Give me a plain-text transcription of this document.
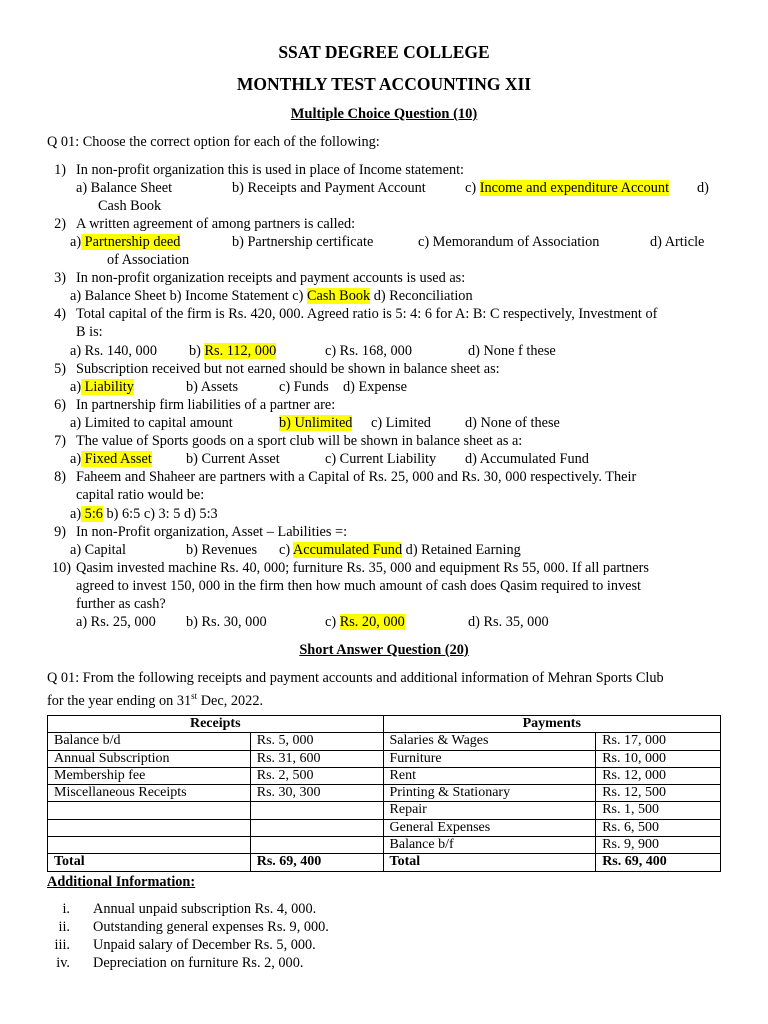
SSAT DEGREE COLLEGE
MONTHLY TEST ACCOUNTING XII
Multiple Choice Question (10)
Q 01: Choose the correct option for each of the following:
1) In non-profit organization this is used in place of Income statement:
a) Balance Sheet	b) Receipts and Payment Account	c) Income and expenditure Account d)
Cash Book
2) A written agreement of among partners is called:
a) Partnership deed	b) Partnership certificate	c) Memorandum of Association	d) Article
of Association
3) In non-profit organization receipts and payment accounts is used as:
a) Balance Sheet b) Income Statement c) Cash Book d) Reconciliation
4) Total capital of the firm is Rs. 420, 000. Agreed ratio is 5: 4: 6 for A: B: C respectively, Investment of
B is:
a) Rs. 140, 000 b) Rs. 112, 000	c) Rs. 168, 000	d) None f these
5) Subscription received but not earned should be shown in balance sheet as:
a) Liability	b) Assets	c) Funds d) Expense
6) In partnership firm liabilities of a partner are:
a) Limited to capital amount	b) Unlimited c) Limited d) None of these
7) The value of Sports goods on a sport club will be shown in balance sheet as a:
a) Fixed Asset b) Current Asset	c) Current Liability d) Accumulated Fund
8) Faheem and Shaheer are partners with a Capital of Rs. 25, 000 and Rs. 30, 000 respectively. Their
capital ratio would be:
a) 5:6 b) 6:5 c) 3: 5 d) 5:3
9) In non-Profit organization, Asset – Labilities =:
a) Capital	b) Revenues c) Accumulated Fund d) Retained Earning
10) Qasim invested machine Rs. 40, 000; furniture Rs. 35, 000 and equipment Rs 55, 000. If all partners
agreed to invest 150, 000 in the firm then how much amount of cash does Qasim required to invest
further as cash?
a) Rs. 25, 000 b) Rs. 30, 000	c) Rs. 20, 000	d) Rs. 35, 000
Short Answer Question (20)
Q 01: From the following receipts and payment accounts and additional information of Mehran Sports Club
for the year ending on 31st Dec, 2022.
Receipts		Payments	
Balance b/d	Rs. 5, 000	Salaries & Wages	Rs. 17, 000
Annual Subscription	Rs. 31, 600	Furniture	Rs. 10, 000
Membership fee	Rs. 2, 500	Rent	Rs. 12, 000
Miscellaneous Receipts	Rs. 30, 300	Printing & Stationary	Rs. 12, 500
		Repair	Rs. 1, 500
		General Expenses	Rs. 6, 500
		Balance b/f	Rs. 9, 900
Total	Rs. 69, 400	Total	Rs. 69, 400
Additional Information:
i. Annual unpaid subscription Rs. 4, 000.
ii. Outstanding general expenses Rs. 9, 000.
iii. Unpaid salary of December Rs. 5, 000.
iv. Depreciation on furniture Rs. 2, 000.
